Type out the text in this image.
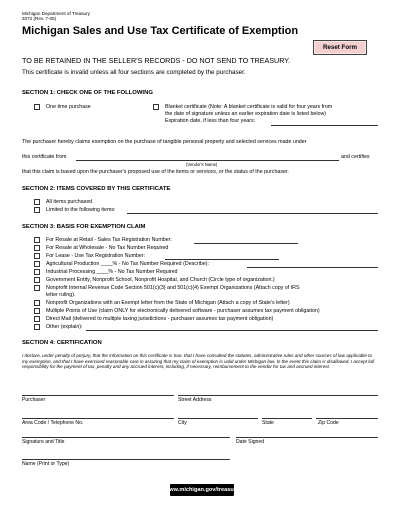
Michigan Department of Treasury
3372 (Rev. 7-05)
Michigan Sales and Use Tax Certificate of Exemption
Reset Form
TO BE RETAINED IN THE SELLER'S RECORDS - DO NOT SEND TO TREASURY.
This certificate is invalid unless all four sections are completed by the purchaser.
SECTION 1: CHECK ONE OF THE FOLLOWING
One time purchase	Blanket certificate (Note: A blanket certificate is valid for four years from
the date of signature unless an earlier expiration date is listed below)
Expiration date, if less than four years:
The purchaser hereby claims exemption on the purchase of tangible personal property and selected services made under
this certificate from	and certifies
(Vendor's Name)
that this claim is based upon the purchaser's proposed use of the items or services, or the status of the purchaser.
SECTION 2: ITEMS COVERED BY THIS CERTIFICATE
All items purchased
Limited to the following items:
SECTION 3: BASIS FOR EXEMPTION CLAIM
For Resale at Retail - Sales Tax Registration Number:
For Resale at Wholesale - No Tax Number Required
For Lease - Use Tax Registration Number:
Agricultural Production ____% - No Tax Number Required (Describe):
Industrial Processing ____% - No Tax Number Required
Government Entity, Nonprofit School, Nonprofit Hospital, and Church (Circle type of organization.)
Nonprofit Internal Revenue Code Section 501(c)(3) and 501(c)(4) Exempt Organizations (Attach copy of IRS
letter ruling).
Nonprofit Organizations with an Exempt letter from the State of Michigan (Attach a copy of State's letter)
Multiple Points of Use (claim ONLY for electronically delivered software - purchaser assumes tax payment obligation)
Direct Mail (delivered to multiple taxing jurisdictions - purchaser assumes tax payment obligation)
Other (explain):
SECTION 4: CERTIFICATION
I declare, under penalty of perjury, that the information on this certificate is true, that I have consulted the statutes, administrative rules and other sources of law applicable to my exemption, and that I have exercised reasonable care in assuring that my claim of exemption is valid under Michigan law. In the event this claim is disallowed, I accept full responsibility for the payment of tax, penalty and any accrued interest, including, if necessary, reimbursement to the vendor for tax and accrued interest.
Purchaser	Street Address
Area Code / Telephone No.	City	State	Zip Code
Signature and Title	Date Signed
Name (Print or Type)
www.michigan.gov/treasury
